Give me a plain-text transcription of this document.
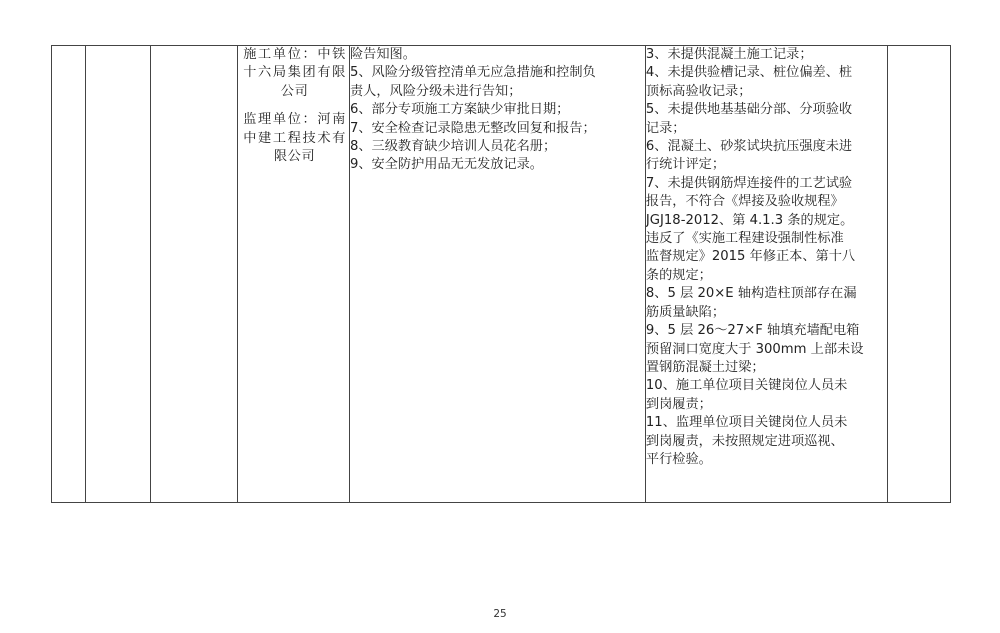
施工单位：中铁十六局集团有限公司
监理单位：河南中建工程技术有限公司

险告知图。
5、风险分级管控清单无应急措施和控制负
责人，风险分级未进行告知；
6、部分专项施工方案缺少审批日期；
7、安全检查记录隐患无整改回复和报告；
8、三级教育缺少培训人员花名册；
9、安全防护用品无无发放记录。

3、未提供混凝土施工记录；
4、未提供验槽记录、桩位偏差、桩
顶标高验收记录；
5、未提供地基基础分部、分项验收
记录；
6、混凝土、砂浆试块抗压强度未进
行统计评定；
7、未提供钢筋焊连接件的工艺试验
报告，不符合《焊接及验收规程》
JGJ18-2012、第 4.1.3 条的规定。
违反了《实施工程建设强制性标准
监督规定》2015 年修正本、第十八
条的规定；
8、5 层 20×E 轴构造柱顶部存在漏
筋质量缺陷；
9、5 层 26～27×F 轴填充墙配电箱
预留洞口宽度大于 300mm 上部未设
置钢筋混凝土过梁；
10、施工单位项目关键岗位人员未
到岗履责；
11、监理单位项目关键岗位人员未
到岗履责，未按照规定进项巡视、
平行检验。

25
